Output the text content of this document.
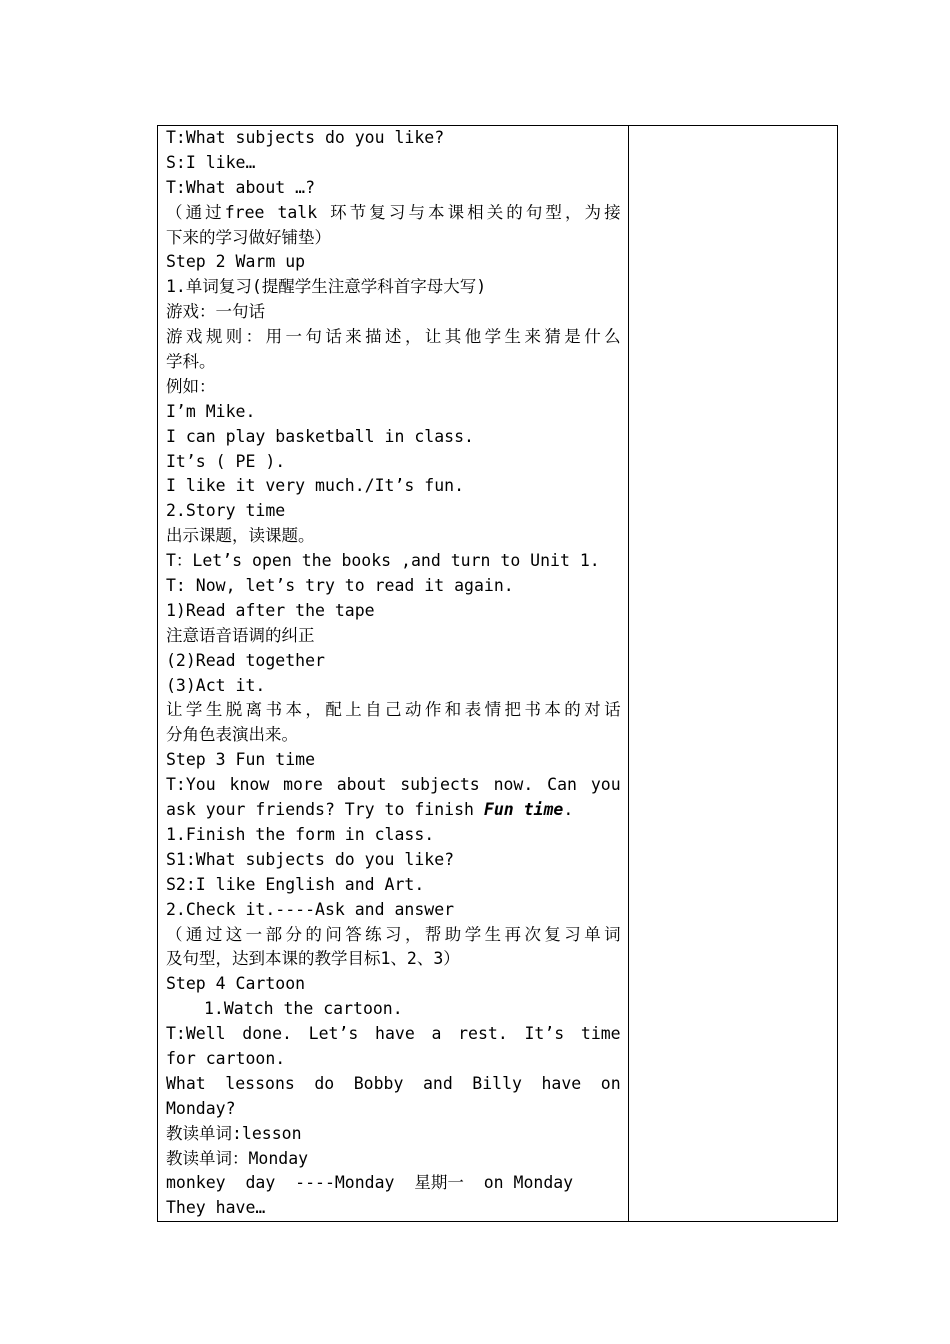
T:What subjects do you like?
S:I like…
T:What about …?
（通过free talk 环节复习与本课相关的句型，为接
下来的学习做好铺垫）
Step 2 Warm up
1.单词复习(提醒学生注意学科首字母大写)
游戏：一句话
游戏规则：用一句话来描述，让其他学生来猜是什么
学科。
例如：
I’m Mike.
I can play basketball in class.
It’s ( PE ).
I like it very much./It’s fun.
2.Story time
出示课题，读课题。
T：Let’s open the books ,and turn to Unit 1.
T: Now, let’s try to read it again.
1)Read after the tape
注意语音语调的纠正
(2)Read together
(3)Act it.
让学生脱离书本，配上自己动作和表情把书本的对话
分角色表演出来。
Step 3 Fun time
T:You know more about subjects now. Can you
ask your friends? Try to finish Fun time.
1.Finish the form in class.
S1:What subjects do you like?
S2:I like English and Art.
2.Check it.----Ask and answer
（通过这一部分的问答练习，帮助学生再次复习单词
及句型，达到本课的教学目标1、2、3）
Step 4 Cartoon
1.Watch the cartoon.
T:Well done. Let’s have a rest. It’s time
for cartoon.
What lessons do Bobby and Billy have on
Monday?
教读单词:lesson
教读单词：Monday
monkey  day  ----Monday  星期一  on Monday
They have…
